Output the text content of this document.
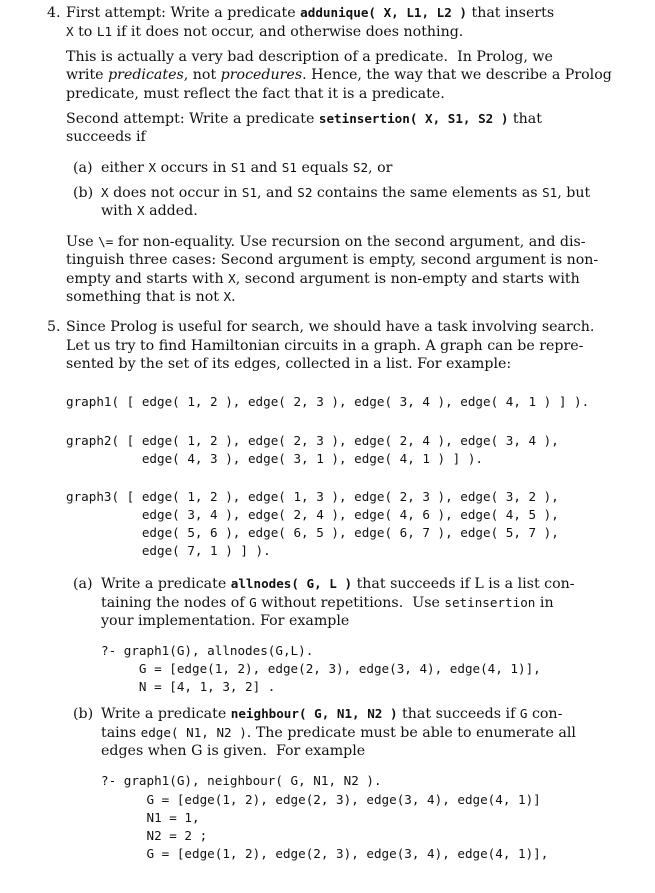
4. First attempt: Write a predicate addunique( X, L1, L2 ) that inserts
X to L1 if it does not occur, and otherwise does nothing.
This is actually a very bad description of a predicate.  In Prolog, we
write predicates, not procedures. Hence, the way that we describe a Prolog
predicate, must reflect the fact that it is a predicate.
Second attempt: Write a predicate setinsertion( X, S1, S2 ) that
succeeds if
(a) either X occurs in S1 and S1 equals S2, or
(b) X does not occur in S1, and S2 contains the same elements as S1, but
with X added.
Use \= for non-equality. Use recursion on the second argument, and dis-
tinguish three cases: Second argument is empty, second argument is non-
empty and starts with X, second argument is non-empty and starts with
something that is not X.
5. Since Prolog is useful for search, we should have a task involving search.
Let us try to find Hamiltonian circuits in a graph. A graph can be repre-
sented by the set of its edges, collected in a list. For example:
graph1( [ edge( 1, 2 ), edge( 2, 3 ), edge( 3, 4 ), edge( 4, 1 ) ] ).
graph2( [ edge( 1, 2 ), edge( 2, 3 ), edge( 2, 4 ), edge( 3, 4 ),
edge( 4, 3 ), edge( 3, 1 ), edge( 4, 1 ) ] ).
graph3( [ edge( 1, 2 ), edge( 1, 3 ), edge( 2, 3 ), edge( 3, 2 ),
edge( 3, 4 ), edge( 2, 4 ), edge( 4, 6 ), edge( 4, 5 ),
edge( 5, 6 ), edge( 6, 5 ), edge( 6, 7 ), edge( 5, 7 ),
edge( 7, 1 ) ] ).
(a) Write a predicate allnodes( G, L ) that succeeds if L is a list con-
taining the nodes of G without repetitions.  Use setinsertion in
your implementation. For example
?- graph1(G), allnodes(G,L).
G = [edge(1, 2), edge(2, 3), edge(3, 4), edge(4, 1)],
N = [4, 1, 3, 2] .
(b) Write a predicate neighbour( G, N1, N2 ) that succeeds if G con-
tains edge( N1, N2 ). The predicate must be able to enumerate all
edges when G is given.  For example
?- graph1(G), neighbour( G, N1, N2 ).
G = [edge(1, 2), edge(2, 3), edge(3, 4), edge(4, 1)]
N1 = 1,
N2 = 2 ;
G = [edge(1, 2), edge(2, 3), edge(3, 4), edge(4, 1)],
